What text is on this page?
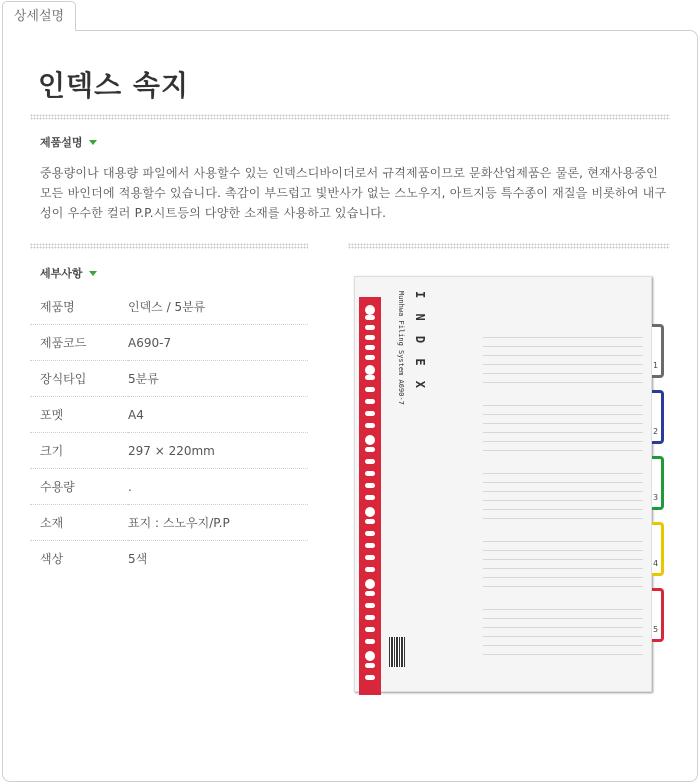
상세설명
인덱스 속지
제품설명
중용량이나 대용량 파일에서 사용할수 있는 인덱스디바이더로서 규격제품이므로 문화산업제품은 물론, 현재사용중인 모든 바인더에 적용할수 있습니다. 촉감이 부드럽고 빛반사가 없는 스노우지, 아트지등 특수종이 재질을 비롯하여 내구성이 우수한 컬러 P.P.시트등의 다양한 소재를 사용하고 있습니다.
세부사항
제품명	인덱스 / 5분류
제품코드	A690-7
장식타입	5분류
포멧	A4
크기	297 × 220mm
수용량	.
소재	표지 : 스노우지/P.P
색상	5색
I N D E X
Munhwa Filing System A690-7	1
2
3
4
5
